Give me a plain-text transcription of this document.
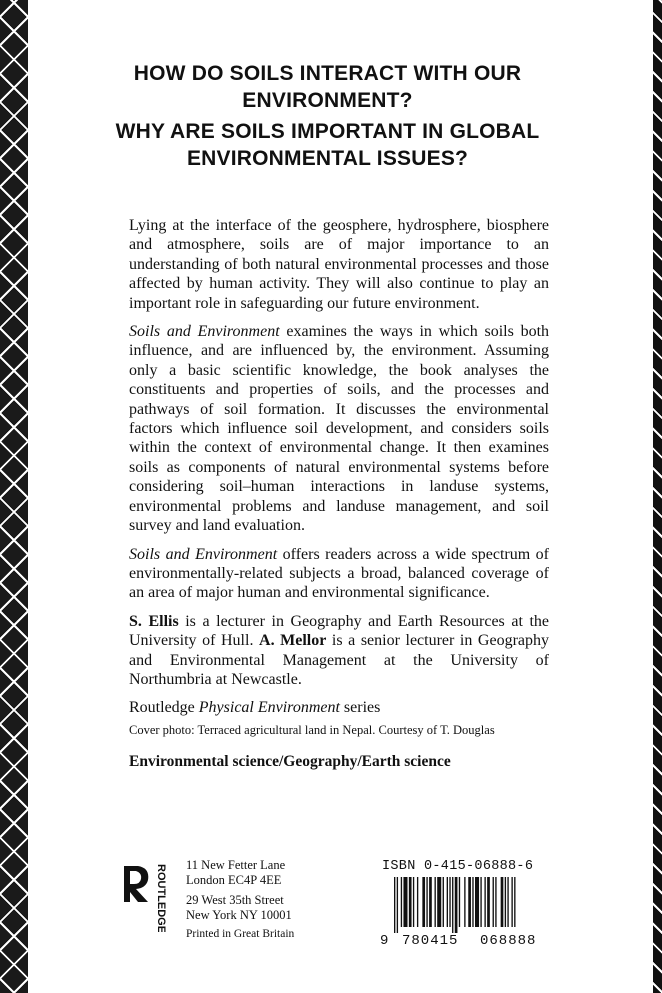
HOW DO SOILS INTERACT WITH OUR ENVIRONMENT?
WHY ARE SOILS IMPORTANT IN GLOBAL ENVIRONMENTAL ISSUES?

Lying at the interface of the geosphere, hydrosphere, biosphere and atmosphere, soils are of major importance to an understanding of both natural environmental processes and those affected by human activity. They will also continue to play an important role in safeguarding our future environment.

Soils and Environment examines the ways in which soils both influence, and are influenced by, the environment. Assuming only a basic scientific knowledge, the book analyses the constituents and properties of soils, and the processes and pathways of soil formation. It discusses the environmental factors which influence soil development, and considers soils within the context of environmental change. It then examines soils as components of natural environmental systems before considering soil–human interactions in landuse systems, environmental problems and landuse management, and soil survey and land evaluation.

Soils and Environment offers readers across a wide spectrum of environmentally-related subjects a broad, balanced coverage of an area of major human and environmental significance.

S. Ellis is a lecturer in Geography and Earth Resources at the University of Hull. A. Mellor is a senior lecturer in Geography and Environmental Management at the University of Northumbria at Newcastle.

Routledge Physical Environment series

Cover photo: Terraced agricultural land in Nepal. Courtesy of T. Douglas

Environmental science/Geography/Earth science

ROUTLEDGE 11 New Fetter Lane
London EC4P 4EE
29 West 35th Street
New York NY 10001
Printed in Great Britain
ISBN 0-415-06888-6
9 780415 068888
